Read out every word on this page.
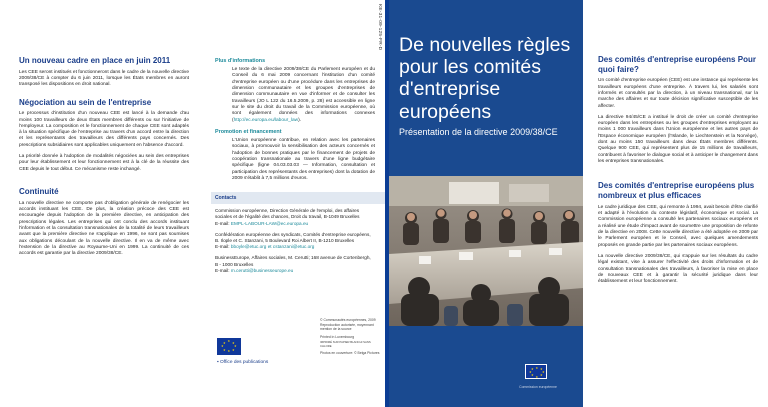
Un nouveau cadre en place en juin 2011

Les CEE seront institués et fonctionneront dans le cadre de la nouvelle directive 2009/38/CE à compter du 6 juin 2011, lorsque les États membres en auront transposé les dispositions en droit national.

Négociation au sein de l'entreprise

Le processus d'institution d'un nouveau CEE est lancé à la demande d'au moins 100 travailleurs de deux États membres différents ou sur l'initiative de l'employeur. La composition et le fonctionnement de chaque CEE sont adaptés à la situation spécifique de l'entreprise au travers d'un accord entre la direction et les représentants des travailleurs des différents pays concernés. Des prescriptions subsidiaires sont applicables uniquement en l'absence d'accord.

La priorité donnée à l'adoption de modalités négociées au sein des entreprises pour leur établissement et leur fonctionnement est à la clé de la réussite des CEE depuis le tout début. Ce mécanisme reste inchangé.

Continuité

La nouvelle directive ne comporte pas d'obligation générale de renégocier les accords instituant les CEE. De plus, la création précoce des CEE est encouragée depuis l'adoption de la première directive, en anticipation des prescriptions légales. Les entreprises qui ont conclu des accords instituant l'information et la consultation transnationales de la totalité de leurs travailleurs avant que la première directive ne s'applique en 1996, ne sont pas soumises aux obligations découlant de la nouvelle directive. Il en va de même avec l'extension de la directive au Royaume-Uni en 1999. La continuité de ces accords est garantie par la directive 2009/38/CE.

KE-31-09-125-FR-D
Plus d'informations

Le texte de la directive 2009/38/CE du Parlement européen et du Conseil du 6 mai 2009 concernant l'institution d'un comité d'entreprise européen ou d'une procédure dans les entreprises de dimension communautaire et les groupes d'entreprises de dimension communautaire en vue d'informer et de consulter les travailleurs (JO L 122 du 16.5.2009, p. 28) est accessible en ligne sur le site du droit du travail de la Commission européenne, où sont également données des informations connexes (http://ec.europa.eu/labour_law).

Promotion et financement

L'Union européenne contribue, en relation avec les partenaires sociaux, à promouvoir la sensibilisation des acteurs concernés et l'adoption de bonnes pratiques par le financement de projets de coopération transnationale au travers d'une ligne budgétaire spécifique (ligne 04.03.03.03 — Information, consultation et participation des représentants des entreprises) dont la dotation de 2009 s'établit à 7,5 millions d'euros.

Contacts
Commission européenne, Direction Générale de l'emploi, des affaires sociales et de l'égalité des chances, Droit du travail, B-1049 Bruxelles
E-mail: EMPL-LABOUR-LAW@ec.europa.eu
Confédération européenne des syndicats, Comités d'entreprise européens, B. Ilople et C. Stanzani, 5 Boulevard Roi Albert II, B-1210 Bruxelles
E-mail: bboyle@etuc.org et cstanzani@etuc.org
BusinessEurope, Affaires sociales, M. Cerutti; 168 avenue de Cortenbergh, B - 1000 Bruxelles
E-mail: m.cerutti@businesseurope.eu
★ ★
★
★
★
★
★
★
▪ Office des publications
© Communautés européennes, 2009 Reproduction autorisée, moyennant mention de la source
Printed in Luxembourg
IMPRIMÉ SUR PAPIER BLANCHI SANS CHLORE
Photos en couverture: © Belga Pictures
De nouvelles règles
pour les comités
d'entreprise européens
Présentation de la directive 2009/38/CE
★ ★
★
★
★
★
★
★
Commission européenne
Des comités d'entreprise européens Pour quoi faire?

Un comité d'entreprise européen (CEE) est une instance qui représente les travailleurs européens d'une entreprise. À travers lui, les salariés sont informés et consultés par la direction, à un niveau transnational, sur la marche des affaires et sur toute décision significative susceptible de les affecter.

La directive 94/45/CE a institué le droit de créer un comité d'entreprise européen dans les entreprises ou les groupes d'entreprises employant au moins 1 000 travailleurs dans l'Union européenne et les autres pays de l'Espace économique européen (l'Islande, le Liechtenstein et la Norvège), dont au moins 150 travailleurs dans deux États membres différents. Quelque 900 CEE, qui représentent plus de 15 millions de travailleurs, contribuent à favoriser le dialogue social et à anticiper le changement dans les entreprises transnationales.

Des comités d'entreprise européens plus nombreux et plus efficaces

Le cadre juridique des CEE, qui remonte à 1994, avait besoin d'être clarifié et adapté à l'évolution du contexte législatif, économique et social. La Commission européenne a consulté les partenaires sociaux européens et a réalisé une étude d'impact avant de soumettre une proposition de refonte de la directive en 2008. Cette nouvelle directive a été adoptée en 2009 par le Parlement européen et le Conseil, avec quelques amendements proposés en grande partie par les partenaires sociaux européens.

La nouvelle directive 2009/38/CE, qui s'appuie sur les résultats du cadre légal existant, vise à assurer l'effectivité des droits d'information et de consultation transnationales des travailleurs, à favoriser la mise en place de nouveaux CEE et à garantir la sécurité juridique dans leur établissement et leur fonctionnement.
